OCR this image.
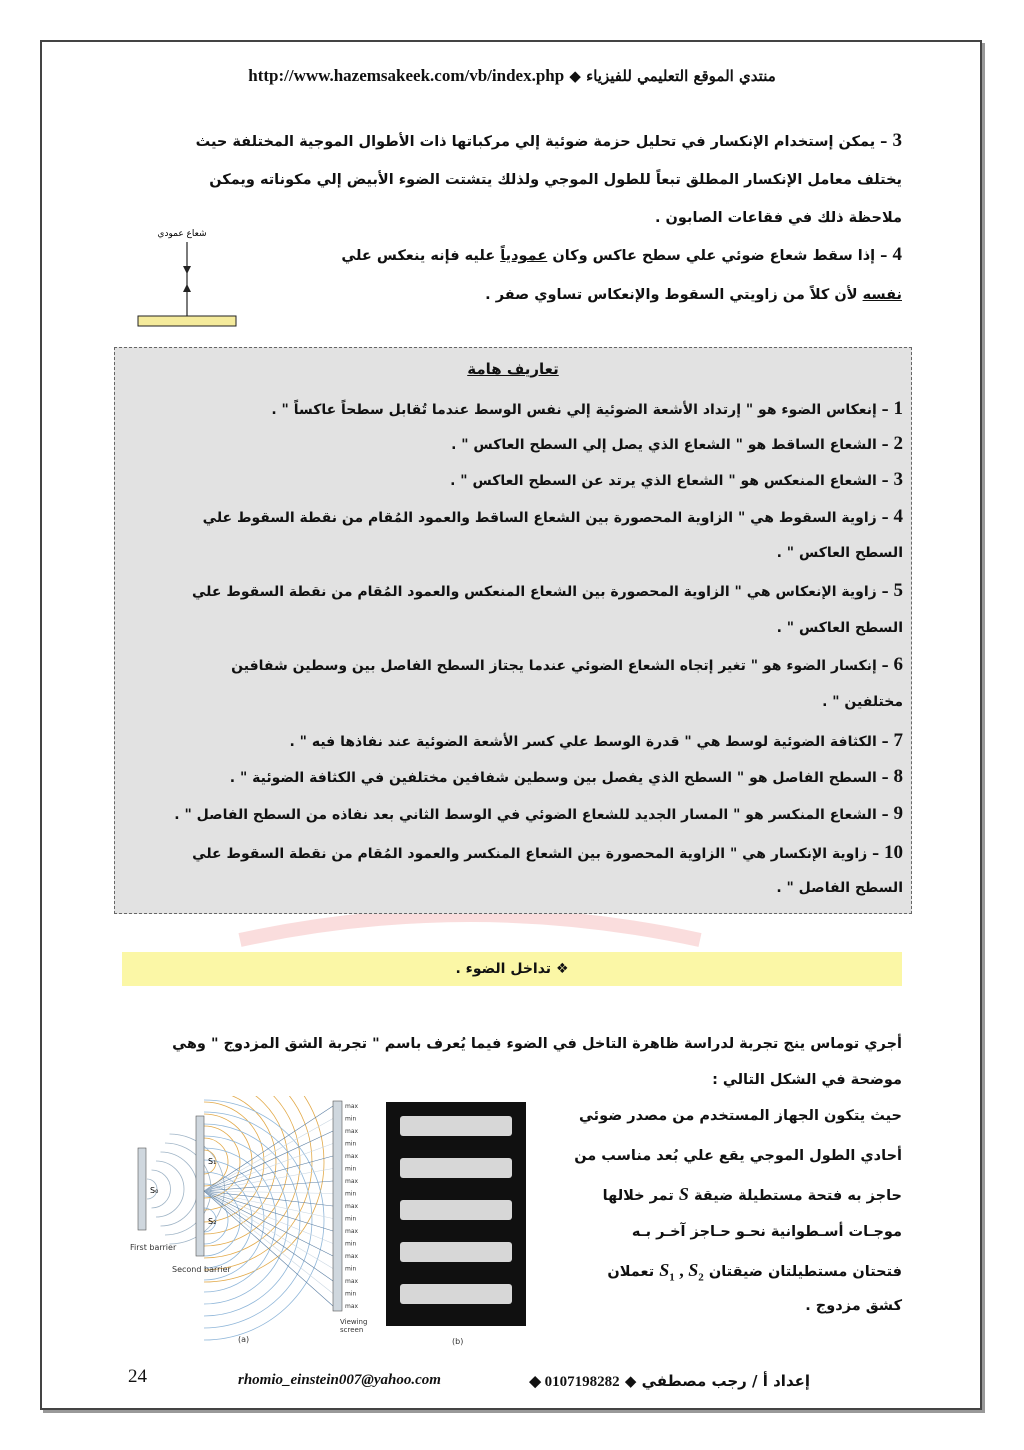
منتدي الموقع التعليمي للفيزياء ◆ http://www.hazemsakeek.com/vb/index.php
3 – يمكن إستخدام الإنكسار في تحليل حزمة ضوئية إلي مركباتها ذات الأطوال الموجية المختلفة حيث
يختلف معامل الإنكسار المطلق تبعاً للطول الموجي ولذلك يتشتت الضوء الأبيض إلي مكوناته ويمكن
ملاحظة ذلك في فقاعات الصابون .
4 – إذا سقط شعاع ضوئي علي سطح عاكس وكان عمودياً عليه فإنه ينعكس علي
نفسه لأن كلاً من زاويتي السقوط والإنعكاس تساوي صفر .
شعاع عمودي
تعاريف هامة
1 – إنعكاس الضوء هو " إرتداد الأشعة الضوئية إلي نفس الوسط عندما تُقابل سطحاً عاكساً " .
2 – الشعاع الساقط هو " الشعاع الذي يصل إلي السطح العاكس " .
3 – الشعاع المنعكس هو " الشعاع الذي يرتد عن السطح العاكس " .
4 – زاوية السقوط هي " الزاوية المحصورة بين الشعاع الساقط والعمود المُقام من نقطة السقوط علي
السطح العاكس " .
5 – زاوية الإنعكاس هي " الزاوية المحصورة بين الشعاع المنعكس والعمود المُقام من نقطة السقوط علي
السطح العاكس " .
6 – إنكسار الضوء هو " تغير إتجاه الشعاع الضوئي عندما يجتاز السطح الفاصل بين وسطين شفافين
مختلفين " .
7 – الكثافة الضوئية لوسط هي " قدرة الوسط علي كسر الأشعة الضوئية عند نفاذها فيه " .
8 – السطح الفاصل هو " السطح الذي يفصل بين وسطين شفافين مختلفين في الكثافة الضوئية " .
9 – الشعاع المنكسر هو " المسار الجديد للشعاع الضوئي في الوسط الثاني بعد نفاذه من السطح الفاصل " .
10 – زاوية الإنكسار هي " الزاوية المحصورة بين الشعاع المنكسر والعمود المُقام من نقطة السقوط علي
السطح الفاصل " .
❖ تداخل الضوء .
أجري توماس ينج تجربة لدراسة ظاهرة التاخل في الضوء فيما يُعرف باسم " تجربة الشق المزدوج " وهي
موضحة في الشكل التالي :
حيث يتكون الجهاز المستخدم من مصدر ضوئي
أحادي الطول الموجي يقع علي بُعد مناسب من
حاجز به فتحة مستطيلة ضيقة S تمر خلالها
موجـات أسـطوانية نحـو حـاجز آخـر بـه
فتحتان مستطيلتان ضيقتان $S_1$ , $S_2$ تعملان
كشق مزدوج .
S₀
S₁
S₂
max
min
max
min
max
min
max
min
max
min
max
min
max
min
max
min
max
First barrier
Second barrier
Viewing
screen
(a)	(b)
24	إعداد أ / رجب مصطفي ◆ 0107198282 ◆
rhomio_einstein007@yahoo.com
